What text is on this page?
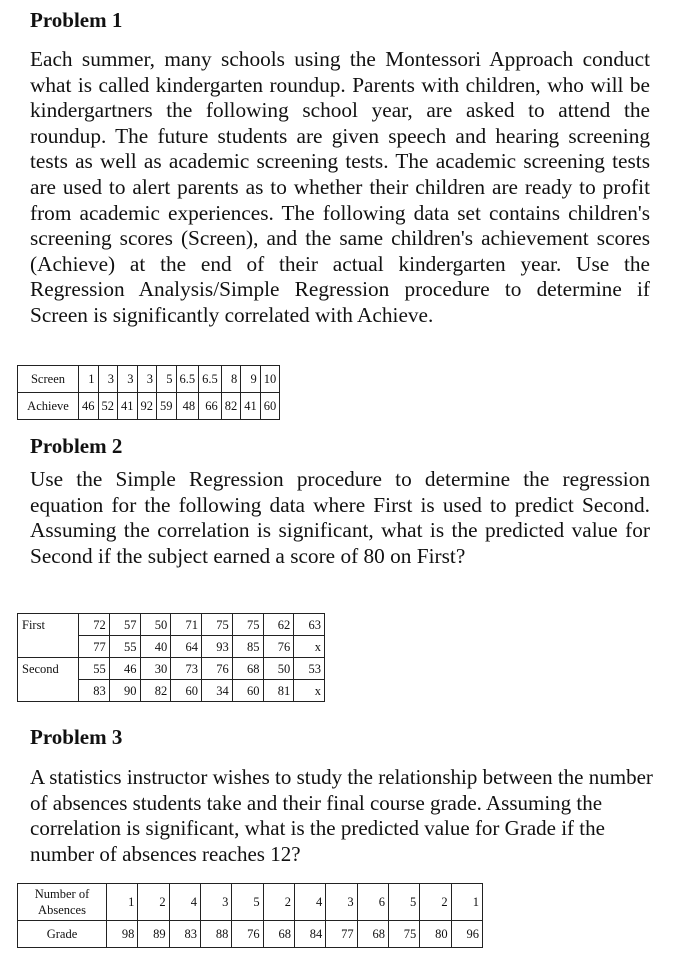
Problem 1

Each summer, many schools using the Montessori Approach conduct what is called kindergarten roundup. Parents with children, who will be kindergartners the following school year, are asked to attend the roundup. The future students are given speech and hearing screening tests as well as academic screening tests. The academic screening tests are used to alert parents as to whether their children are ready to profit from academic experiences. The following data set contains children's screening scores (Screen), and the same children's achievement scores (Achieve) at the end of their actual kindergarten year. Use the Regression Analysis/Simple Regression procedure to determine if Screen is significantly correlated with Achieve.

Screen	1	3	3	3	5	6.5	6.5	8	9	10
Achieve	46	52	41	92	59	48	66	82	41	60
Problem 2

Use the Simple Regression procedure to determine the regression equation for the following data where First is used to predict Second. Assuming the correlation is significant, what is the predicted value for Second if the subject earned a score of 80 on First?

First	72	57	50	71	75	75	62	63
	77	55	40	64	93	85	76	x
Second	55	46	30	73	76	68	50	53
	83	90	82	60	34	60	81	x
Problem 3

A statistics instructor wishes to study the relationship between the number of absences students take and their final course grade. Assuming the correlation is significant, what is the predicted value for Grade if the number of absences reaches 12?

Number of Absences	1	2	4	3	5	2	4	3	6	5	2	1
Grade	98	89	83	88	76	68	84	77	68	75	80	96
